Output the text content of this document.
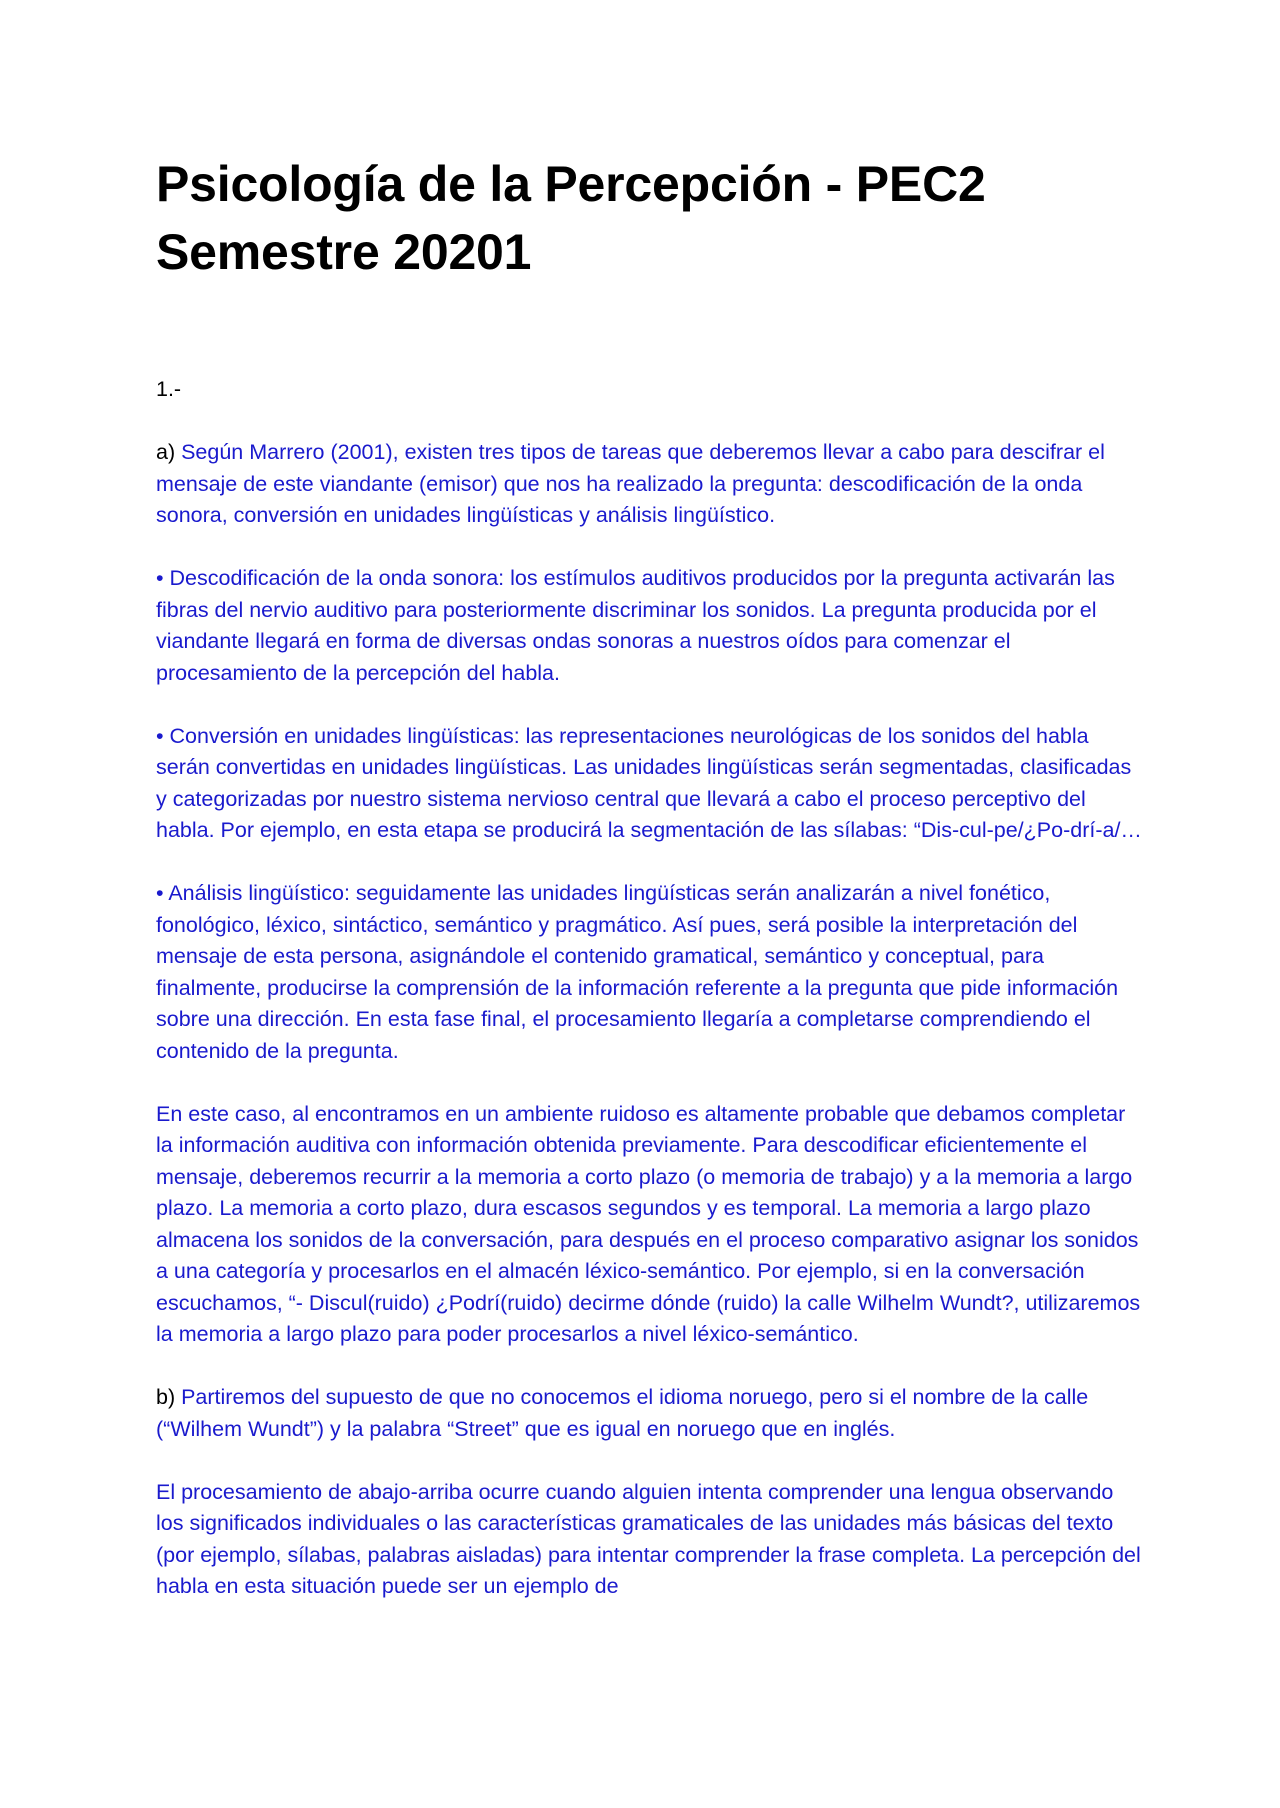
Psicología de la Percepción - PEC2
Semestre 20201

1.-

a) Según Marrero (2001), existen tres tipos de tareas que deberemos llevar a cabo para descifrar el mensaje de este viandante (emisor) que nos ha realizado la pregunta: descodificación de la onda sonora, conversión en unidades lingüísticas y análisis lingüístico.

• Descodificación de la onda sonora: los estímulos auditivos producidos por la pregunta activarán las fibras del nervio auditivo para posteriormente discriminar los sonidos. La pregunta producida por el viandante llegará en forma de diversas ondas sonoras a nuestros oídos para comenzar el procesamiento de la percepción del habla.

• Conversión en unidades lingüísticas: las representaciones neurológicas de los sonidos del habla serán convertidas en unidades lingüísticas. Las unidades lingüísticas serán segmentadas, clasificadas y categorizadas por nuestro sistema nervioso central que llevará a cabo el proceso perceptivo del habla. Por ejemplo, en esta etapa se producirá la segmentación de las sílabas: “Dis-cul-pe/¿Po-drí-a/…

• Análisis lingüístico: seguidamente las unidades lingüísticas serán analizarán a nivel fonético, fonológico, léxico, sintáctico, semántico y pragmático. Así pues, será posible la interpretación del mensaje de esta persona, asignándole el contenido gramatical, semántico y conceptual, para finalmente, producirse la comprensión de la información referente a la pregunta que pide información sobre una dirección. En esta fase final, el procesamiento llegaría a completarse comprendiendo el contenido de la pregunta.

En este caso, al encontramos en un ambiente ruidoso es altamente probable que debamos completar la información auditiva con información obtenida previamente. Para descodificar eficientemente el mensaje, deberemos recurrir a la memoria a corto plazo (o memoria de trabajo) y a la memoria a largo plazo. La memoria a corto plazo, dura escasos segundos y es temporal. La memoria a largo plazo almacena los sonidos de la conversación, para después en el proceso comparativo asignar los sonidos a una categoría y procesarlos en el almacén léxico-semántico. Por ejemplo, si en la conversación escuchamos, “- Discul(ruido) ¿Podrí(ruido) decirme dónde (ruido) la calle Wilhelm Wundt?, utilizaremos la memoria a largo plazo para poder procesarlos a nivel léxico-semántico.

b) Partiremos del supuesto de que no conocemos el idioma noruego, pero si el nombre de la calle (“Wilhem Wundt”) y la palabra “Street” que es igual en noruego que en inglés.

El procesamiento de abajo-arriba ocurre cuando alguien intenta comprender una lengua observando los significados individuales o las características gramaticales de las unidades más básicas del texto (por ejemplo, sílabas, palabras aisladas) para intentar comprender la frase completa. La percepción del habla en esta situación puede ser un ejemplo de
